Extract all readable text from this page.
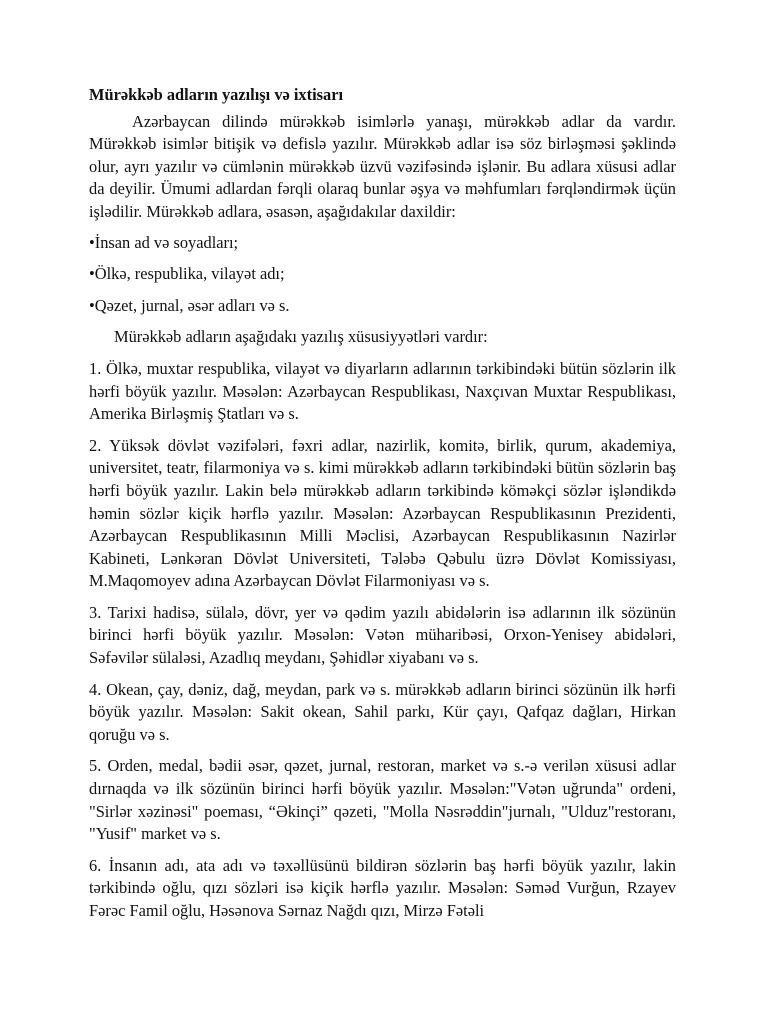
Mürəkkəb adların yazılışı və ixtisarı
Azərbaycan dilində mürəkkəb isimlərlə yanaşı, mürəkkəb adlar da vardır. Mürəkkəb isimlər bitişik və defislə yazılır. Mürəkkəb adlar isə söz birləşməsi şəklində olur, ayrı yazılır və cümlənin mürəkkəb üzvü vəzifəsində işlənir. Bu adlara xüsusi adlar da deyilir. Ümumi adlardan fərqli olaraq bunlar əşya və məhfumları fərqləndirmək üçün işlədilir. Mürəkkəb adlara, əsasən, aşağıdakılar daxildir:
•İnsan ad və soyadları;
•Ölkə, respublika, vilayət adı;
•Qəzet, jurnal, əsər adları və s.
Mürəkkəb adların aşağıdakı yazılış xüsusiyyətləri vardır:
1. Ölkə, muxtar respublika, vilayət və diyarların adlarının tərkibindəki bütün sözlərin ilk hərfi böyük yazılır. Məsələn: Azərbaycan Respublikası, Naxçıvan Muxtar Respublikası, Amerika Birləşmiş Ştatları və s.
2. Yüksək dövlət vəzifələri, fəxri adlar, nazirlik, komitə, birlik, qurum, akademiya, universitet, teatr, filarmoniya və s. kimi mürəkkəb adların tərkibindəki bütün sözlərin baş hərfi böyük yazılır. Lakin belə mürəkkəb adların tərkibində köməkçi sözlər işləndikdə həmin sözlər kiçik hərflə yazılır. Məsələn: Azərbaycan Respublikasının Prezidenti, Azərbaycan Respublikasının Milli Məclisi, Azərbaycan Respublikasının Nazirlər Kabineti, Lənkəran Dövlət Universiteti, Tələbə Qəbulu üzrə Dövlət Komissiyası, M.Maqomoyev adına Azərbaycan Dövlət Filarmoniyası və s.
3. Tarixi hadisə, sülalə, dövr, yer və qədim yazılı abidələrin isə adlarının ilk sözünün birinci hərfi böyük yazılır. Məsələn: Vətən müharibəsi, Orxon-Yenisey abidələri, Səfəvilər sülaləsi, Azadlıq meydanı, Şəhidlər xiyabanı və s.
4. Okean, çay, dəniz, dağ, meydan, park və s. mürəkkəb adların birinci sözünün ilk hərfi böyük yazılır. Məsələn: Sakit okean, Sahil parkı, Kür çayı, Qafqaz dağları, Hirkan qoruğu və s.
5. Orden, medal, bədii əsər, qəzet, jurnal, restoran, market və s.-ə verilən xüsusi adlar dırnaqda və ilk sözünün birinci hərfi böyük yazılır. Məsələn:"Vətən uğrunda" ordeni, "Sirlər xəzinəsi" poeması, “Əkinçi” qəzeti, "Molla Nəsrəddin"jurnalı, "Ulduz"restoranı, "Yusif" market və s.
6. İnsanın adı, ata adı və təxəllüsünü bildirən sözlərin baş hərfi böyük yazılır, lakin tərkibində oğlu, qızı sözləri isə kiçik hərflə yazılır. Məsələn: Səməd Vurğun, Rzayev Fərəc Famil oğlu, Həsənova Sərnaz Nağdı qızı, Mirzə Fətəli
